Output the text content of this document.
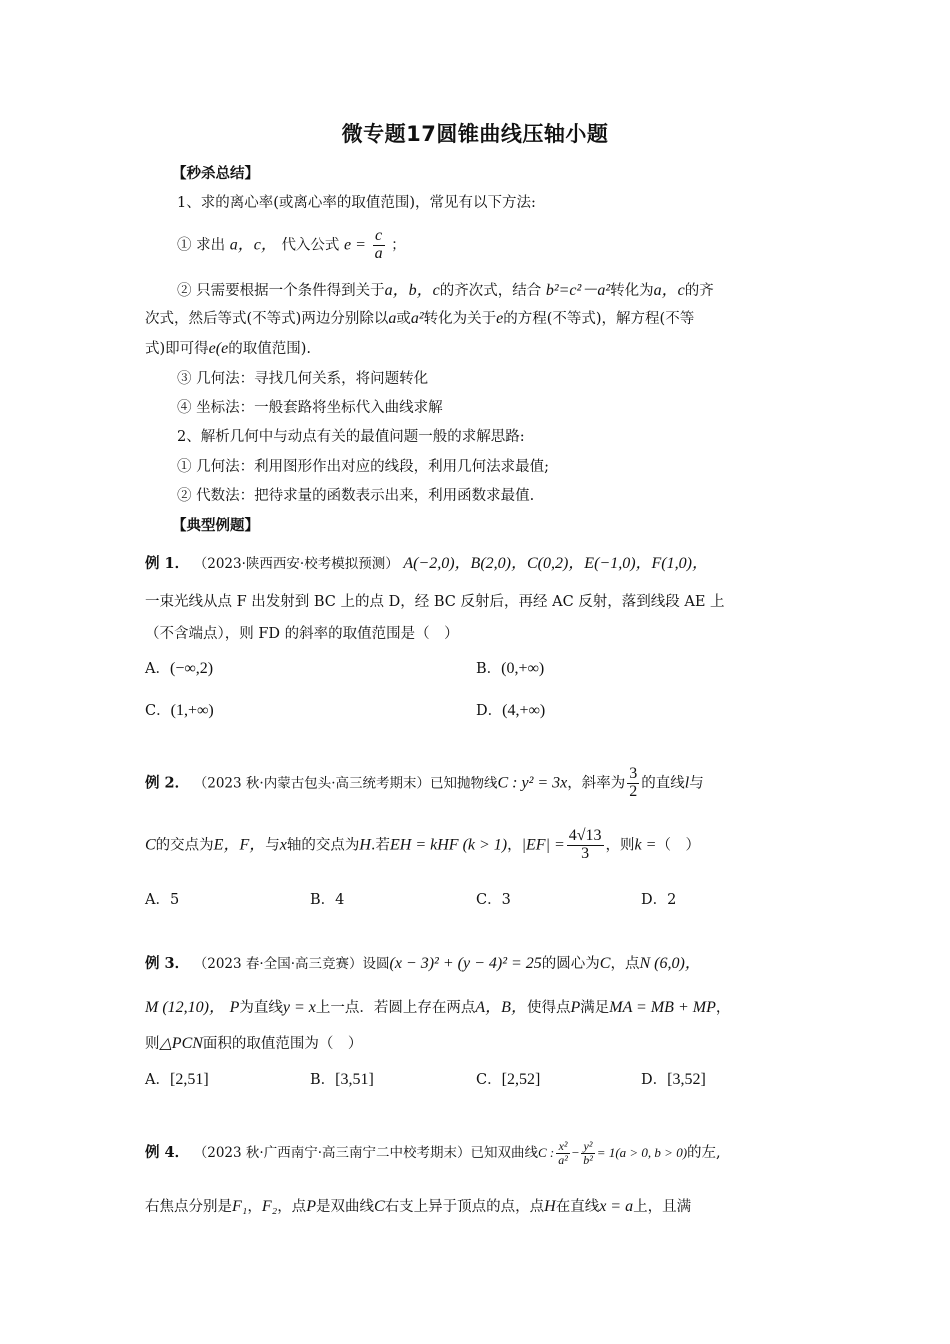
微专题17圆锥曲线压轴小题
【秒杀总结】
1、求的离心率(或离心率的取值范围)，常见有以下方法:
① 求出 a，c， 代入公式 $e = \frac{c}{a}$ ；
② 只需要根据一个条件得到关于a，b，c的齐次式，结合 b²=c²－a²转化为a，c的齐
次式，然后等式(不等式)两边分别除以a或a²转化为关于e的方程(不等式)，解方程(不等
式)即可得e(e的取值范围).
③ 几何法：寻找几何关系，将问题转化
④ 坐标法：一般套路将坐标代入曲线求解
2、解析几何中与动点有关的最值问题一般的求解思路:
① 几何法：利用图形作出对应的线段，利用几何法求最值;
② 代数法：把待求量的函数表示出来，利用函数求最值.
【典型例题】
例 1． （2023·陕西西安·校考模拟预测） A(−2,0)，B(2,0)，C(0,2)，E(−1,0)，F(1,0)，
一束光线从点 F 出发射到 BC 上的点 D，经 BC 反射后，再经 AC 反射，落到线段 AE 上
（不含端点），则 FD 的斜率的取值范围是（　）
A．(−∞,2)	B．(0,+∞)
C．(1,+∞)	D．(4,+∞)
例 2． （2023 秋·内蒙古包头·高三统考期末）已知抛物线C : y² = 3x，斜率为 $\frac{3}{2}$ 的直线l与
C的交点为E，F，与x轴的交点为H.若EH = kHF (k > 1)，$|EF| = \frac{4√13}{3}$ ，则k =（　）
A．5	B．4	C．3	D．2
例 3． （2023 春·全国·高三竞赛）设圆(x − 3)² + (y − 4)² = 25的圆心为C，点N (6,0)，
M (12,10)， P为直线y = x上一点．若圆上存在两点A，B，使得点P满足MA = MB + MP，
则△PCN面积的取值范围为（　）
A．[2,51]	B．[3,51]	C．[2,52]	D．[3,52]
例 4． （2023 秋·广西南宁·高三南宁二中校考期末）已知双曲线C : $\frac{\text{x²}}{\text{a²}} - \frac{\text{y²}}{\text{b²}} = 1(a > 0$, b > 0)的左,
右焦点分别是F₁，F₂，点P是双曲线C右支上异于顶点的点，点H在直线x = a上，且满
